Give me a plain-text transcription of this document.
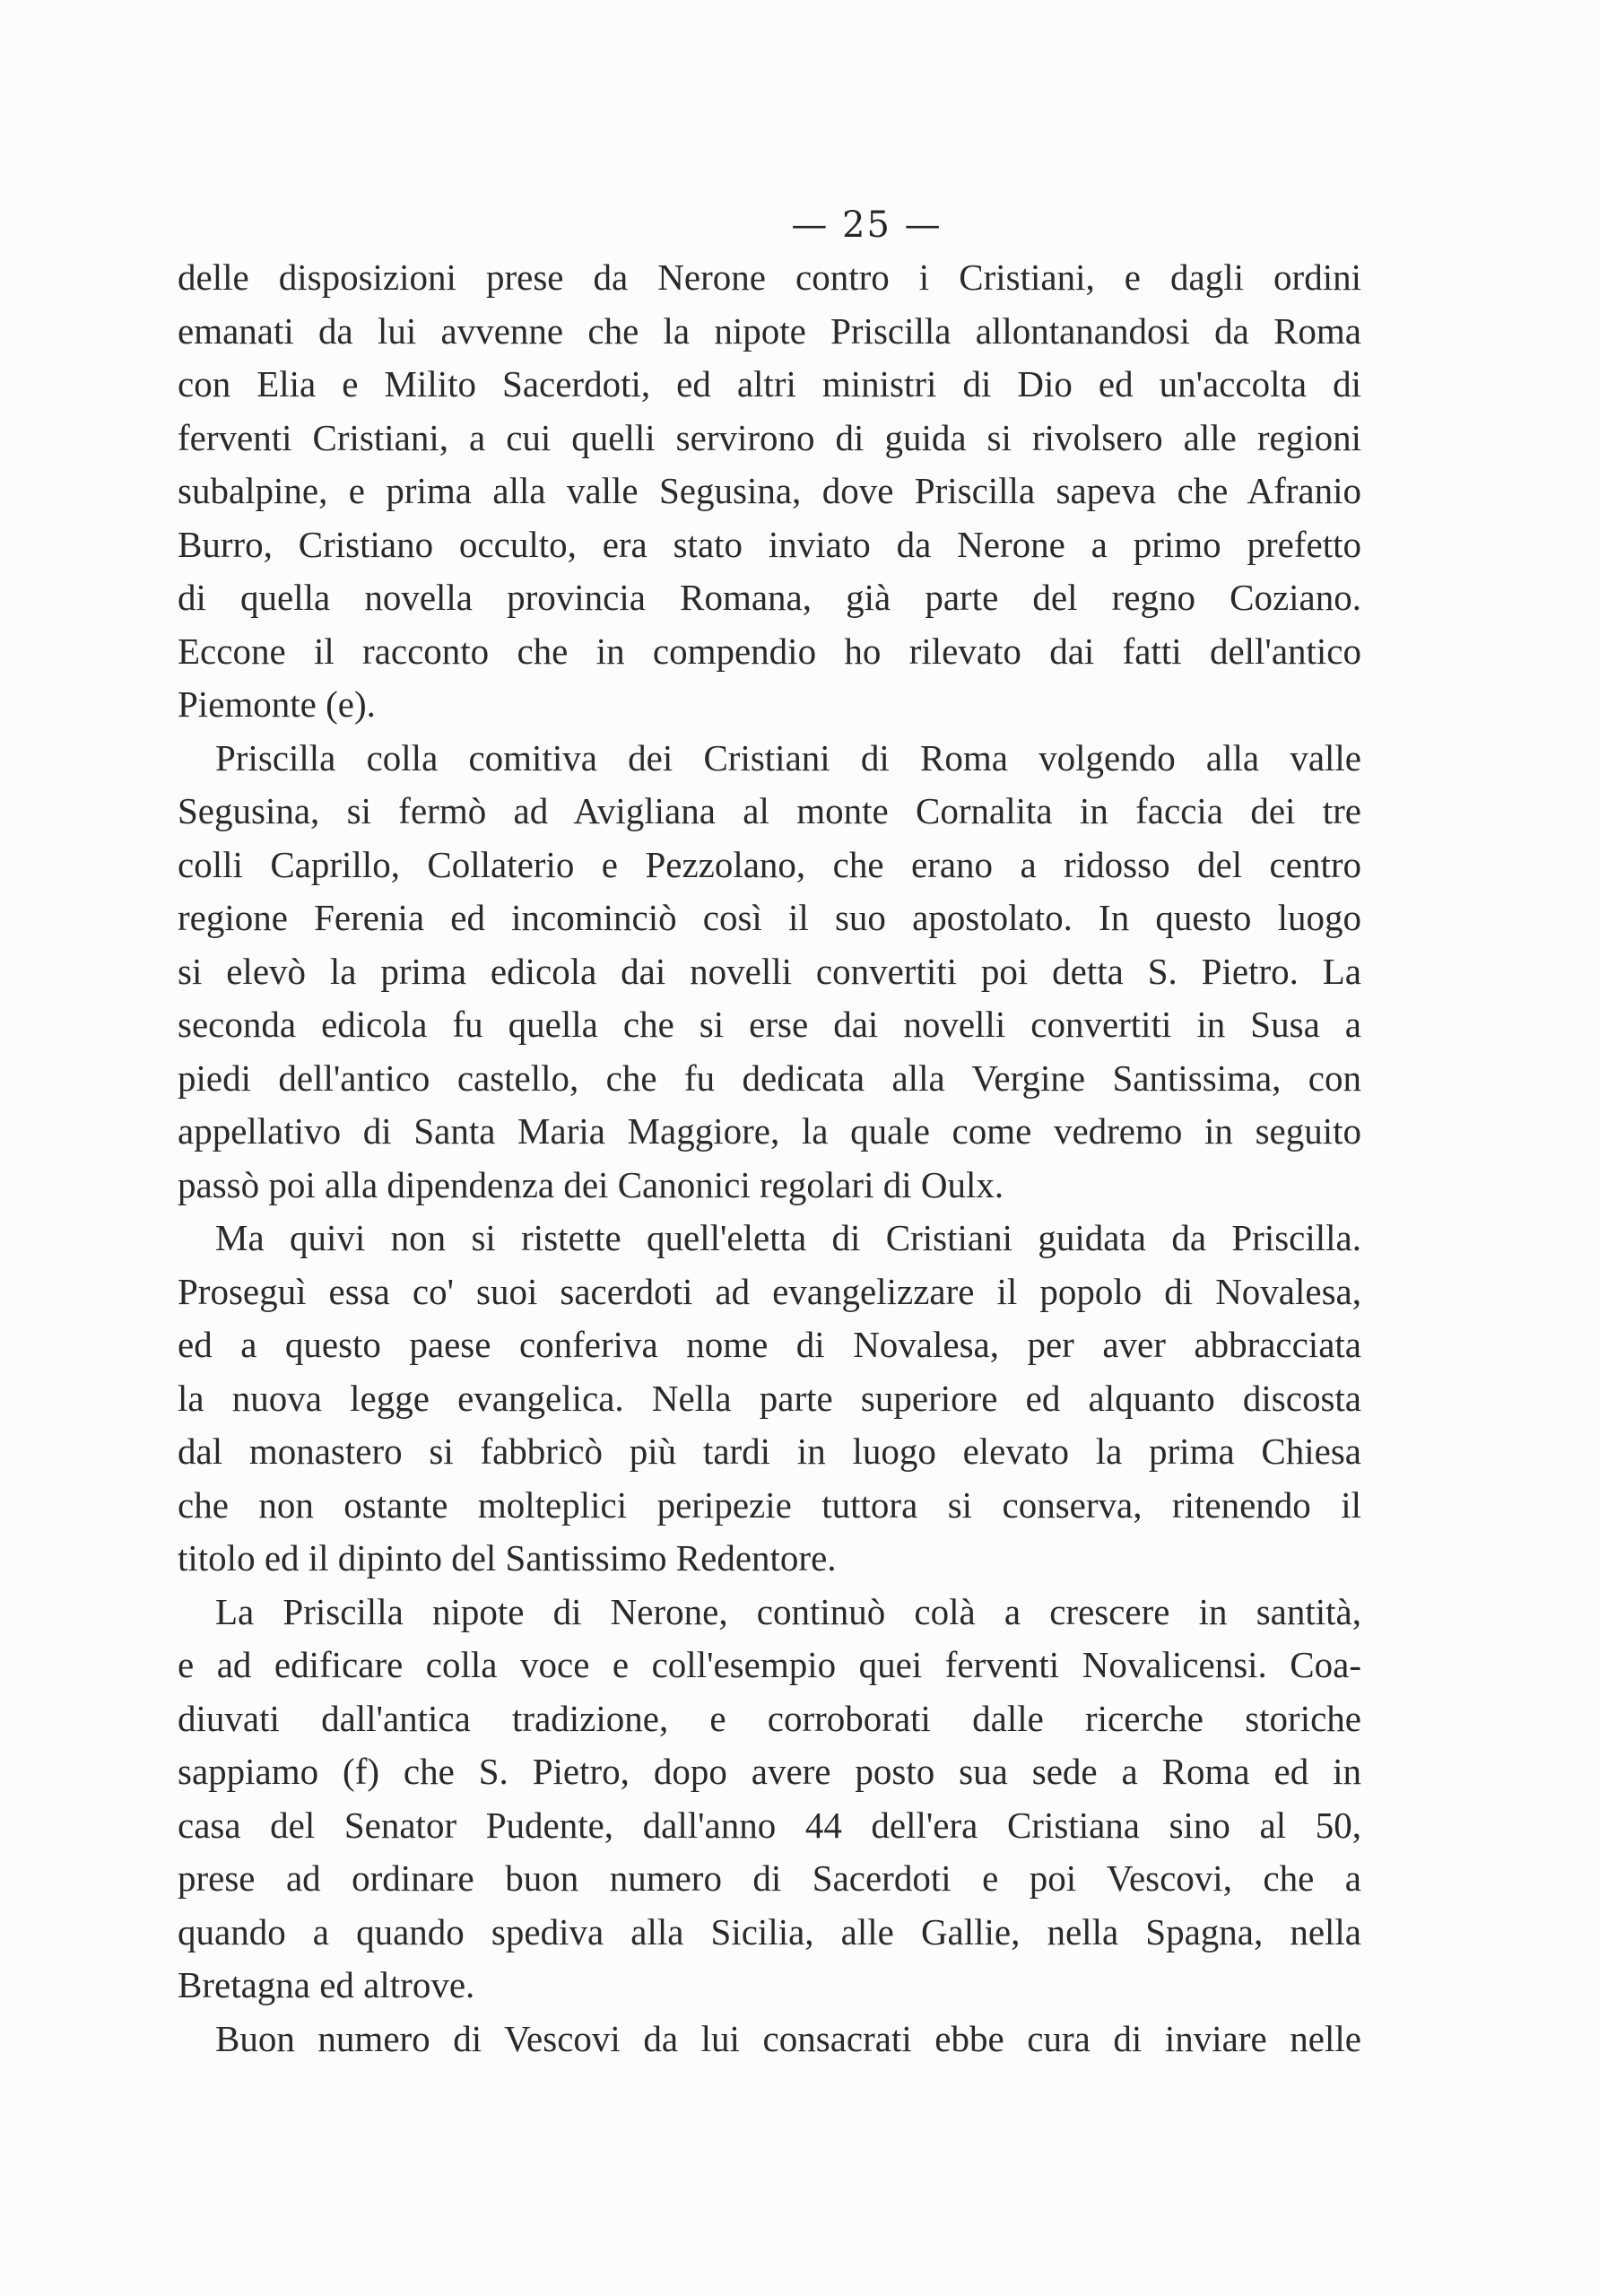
— 25 —

delle disposizioni prese da Nerone contro i Cristiani, e dagli ordini
emanati da lui avvenne che la nipote Priscilla allontanandosi da Roma
con Elia e Milito Sacerdoti, ed altri ministri di Dio ed un'accolta di
ferventi Cristiani, a cui quelli servirono di guida si rivolsero alle regioni
subalpine, e prima alla valle Segusina, dove Priscilla sapeva che Afranio
Burro, Cristiano occulto, era stato inviato da Nerone a primo prefetto
di quella novella provincia Romana, già parte del regno Coziano.
Eccone il racconto che in compendio ho rilevato dai fatti dell'antico
Piemonte (e).

Priscilla colla comitiva dei Cristiani di Roma volgendo alla valle
Segusina, si fermò ad Avigliana al monte Cornalita in faccia dei tre
colli Caprillo, Collaterio e Pezzolano, che erano a ridosso del centro
regione Ferenia ed incominciò così il suo apostolato. In questo luogo
si elevò la prima edicola dai novelli convertiti poi detta S. Pietro. La
seconda edicola fu quella che si erse dai novelli convertiti in Susa a
piedi dell'antico castello, che fu dedicata alla Vergine Santissima, con
appellativo di Santa Maria Maggiore, la quale come vedremo in seguito
passò poi alla dipendenza dei Canonici regolari di Oulx.

Ma quivi non si ristette quell'eletta di Cristiani guidata da Priscilla.
Proseguì essa co' suoi sacerdoti ad evangelizzare il popolo di Novalesa,
ed a questo paese conferiva nome di Novalesa, per aver abbracciata
la nuova legge evangelica. Nella parte superiore ed alquanto discosta
dal monastero si fabbricò più tardi in luogo elevato la prima Chiesa
che non ostante molteplici peripezie tuttora si conserva, ritenendo il
titolo ed il dipinto del Santissimo Redentore.

La Priscilla nipote di Nerone, continuò colà a crescere in santità,
e ad edificare colla voce e coll'esempio quei ferventi Novalicensi. Coa-
diuvati dall'antica tradizione, e corroborati dalle ricerche storiche
sappiamo (f) che S. Pietro, dopo avere posto sua sede a Roma ed in
casa del Senator Pudente, dall'anno 44 dell'era Cristiana sino al 50,
prese ad ordinare buon numero di Sacerdoti e poi Vescovi, che a
quando a quando spediva alla Sicilia, alle Gallie, nella Spagna, nella
Bretagna ed altrove.

Buon numero di Vescovi da lui consacrati ebbe cura di inviare nelle
